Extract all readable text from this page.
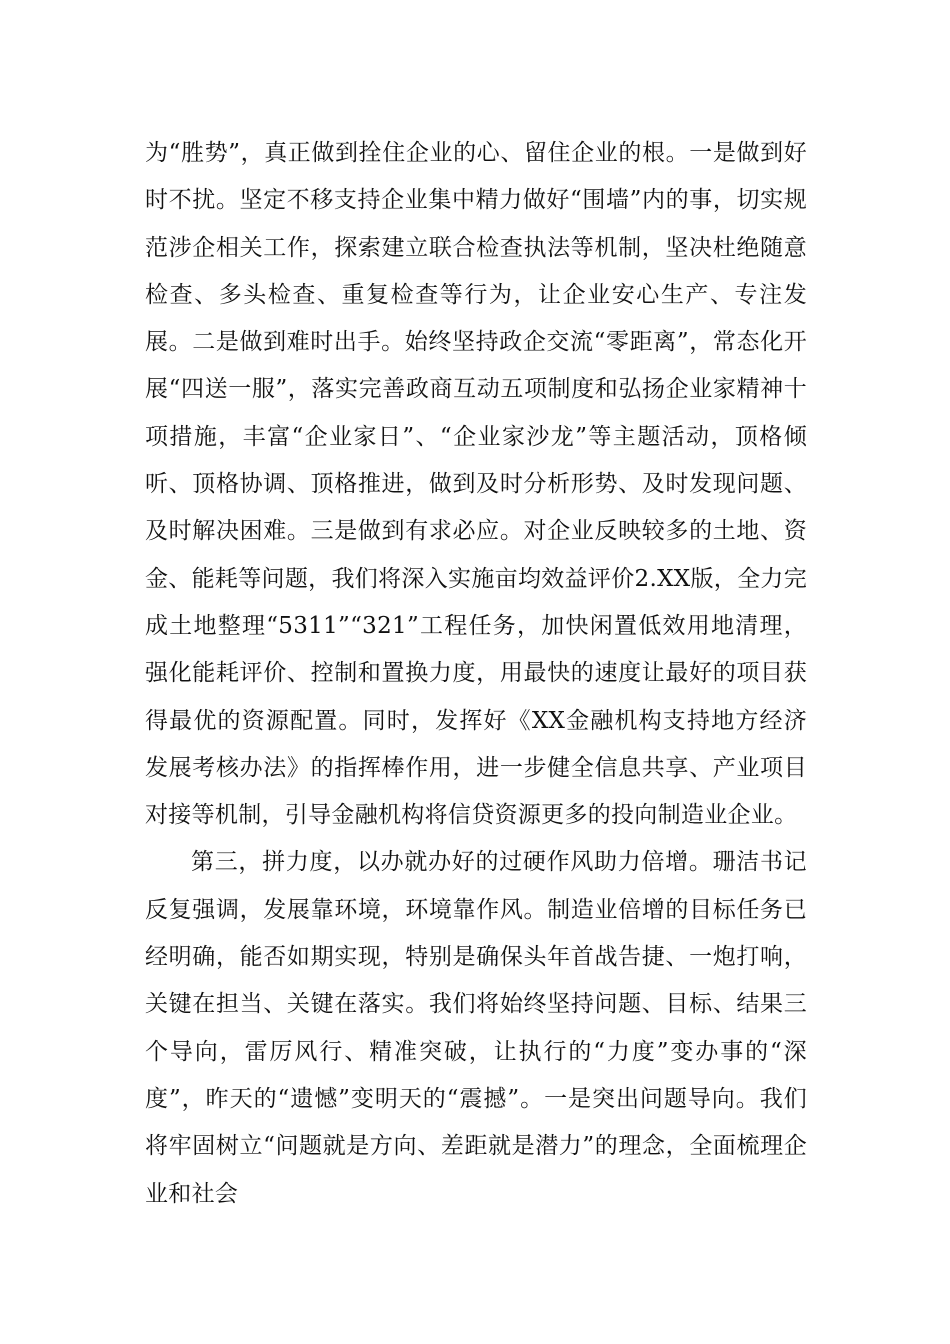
为“胜势”，真正做到拴住企业的心、留住企业的根。一是做到好时不扰。坚定不移支持企业集中精力做好“围墙”内的事，切实规范涉企相关工作，探索建立联合检查执法等机制，坚决杜绝随意检查、多头检查、重复检查等行为，让企业安心生产、专注发展。二是做到难时出手。始终坚持政企交流“零距离”，常态化开展“四送一服”，落实完善政商互动五项制度和弘扬企业家精神十项措施，丰富“企业家日”、“企业家沙龙”等主题活动，顶格倾听、顶格协调、顶格推进，做到及时分析形势、及时发现问题、及时解决困难。三是做到有求必应。对企业反映较多的土地、资金、能耗等问题，我们将深入实施亩均效益评价2.XX版，全力完成土地整理“5311”“321”工程任务，加快闲置低效用地清理，强化能耗评价、控制和置换力度，用最快的速度让最好的项目获得最优的资源配置。同时，发挥好《XX金融机构支持地方经济发展考核办法》的指挥棒作用，进一步健全信息共享、产业项目对接等机制，引导金融机构将信贷资源更多的投向制造业企业。

第三，拼力度，以办就办好的过硬作风助力倍增。珊洁书记反复强调，发展靠环境，环境靠作风。制造业倍增的目标任务已经明确，能否如期实现，特别是确保头年首战告捷、一炮打响，关键在担当、关键在落实。我们将始终坚持问题、目标、结果三个导向，雷厉风行、精准突破，让执行的“力度”变办事的“深度”，昨天的“遗憾”变明天的“震撼”。一是突出问题导向。我们将牢固树立“问题就是方向、差距就是潜力”的理念，全面梳理企业和社会
